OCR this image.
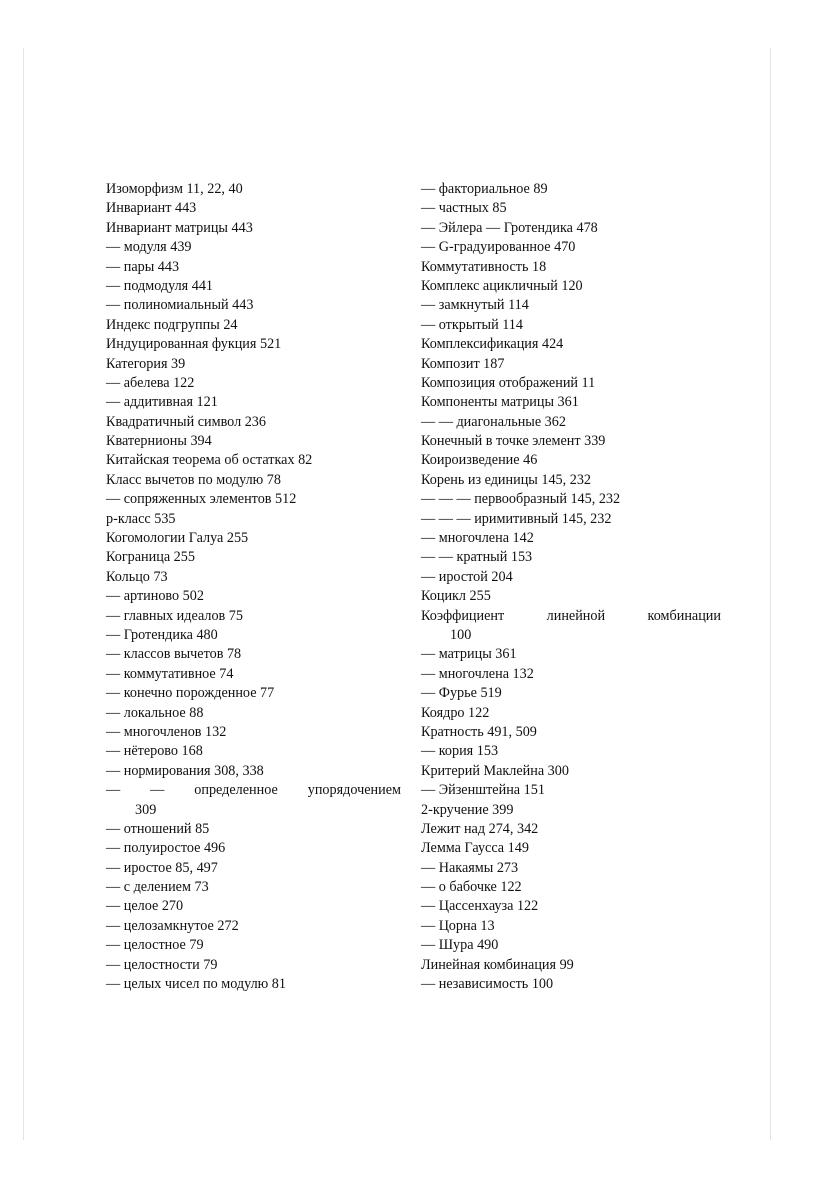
Изоморфизм 11, 22, 40
Инвариант 443
Инвариант матрицы 443
— модуля 439
— пары 443
— подмодуля 441
— полиномиальный 443
Индекс подгруппы 24
Индуцированная фукция 521
Категория 39
— абелева 122
— аддитивная 121
Квадратичный символ 236
Кватернионы 394
Китайская теорема об остатках 82
Класс вычетов по модулю 78
— сопряженных элементов 512
p-класс 535
Когомологии Галуа 255
Кограница 255
Кольцо 73
— артиново 502
— главных идеалов 75
— Гротендика 480
— классов вычетов 78
— коммутативное 74
— конечно порожденное 77
— локальное 88
— многочленов 132
— нётерово 168
— нормирования 308, 338
— — определенное упорядочением
309
— отношений 85
— полуиростое 496
— иростое 85, 497
— с делением 73
— целое 270
— целозамкнутое 272
— целостное 79
— целостности 79
— целых чисел по модулю 81
— факториальное 89
— частных 85
— Эйлера — Гротендика 478
— G-градуированное 470
Коммутативность 18
Комплекс ацикличный 120
— замкнутый 114
— открытый 114
Комплексификация 424
Композит 187
Композиция отображений 11
Компоненты матрицы 361
— — диагональные 362
Конечный в точке элемент 339
Коироизведение 46
Корень из единицы 145, 232
— — — первообразный 145, 232
— — — иримитивный 145, 232
— многочлена 142
— — кратный 153
— иростой 204
Коцикл 255
Коэффициент линейной комбинации
100
— матрицы 361
— многочлена 132
— Фурье 519
Коядро 122
Кратность 491, 509
— кория 153
Критерий Маклейна 300
— Эйзенштейна 151
2-кручение 399
Лежит над 274, 342
Лемма Гаусса 149
— Накаямы 273
— о бабочке 122
— Цассенхауза 122
— Цорна 13
— Шура 490
Линейная комбинация 99
— независимость 100
